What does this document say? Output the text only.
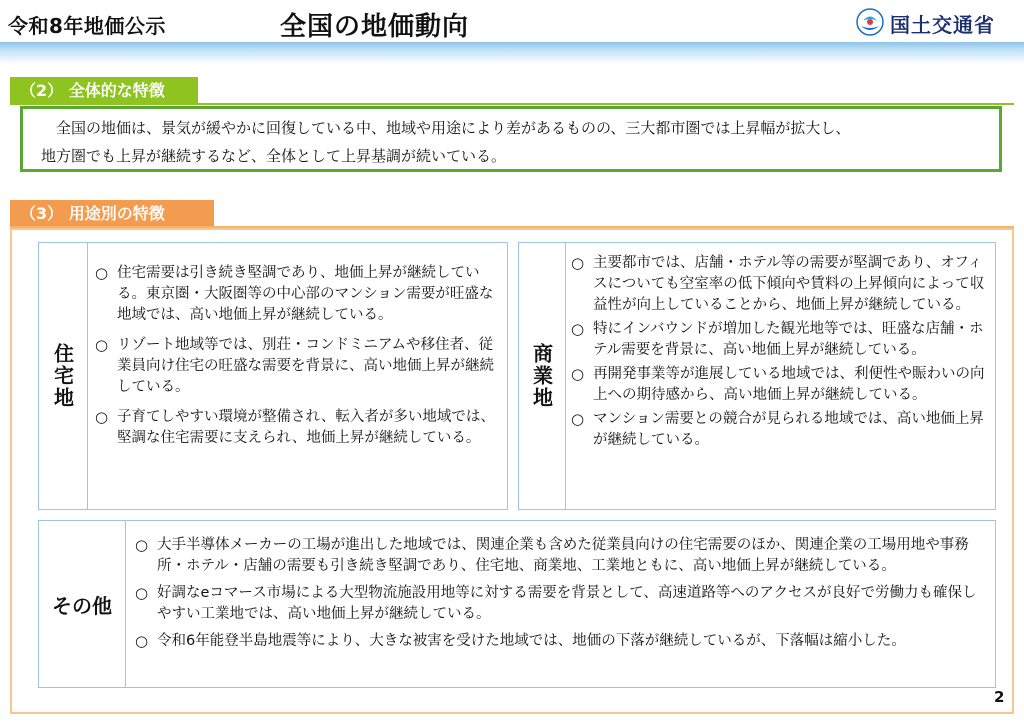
令和8年地価公示	全国の地価動向	国土交通省
（2） 全体的な特徴
全国の地価は、景気が緩やかに回復している中、地域や用途により差があるものの、三大都市圏では上昇幅が拡大し、
地方圏でも上昇が継続するなど、全体として上昇基調が続いている。
（3） 用途別の特徴
住宅地
○ 住宅需要は引き続き堅調であり、地価上昇が継続している。東京圏・大阪圏等の中心部のマンション需要が旺盛な地域では、高い地価上昇が継続している。
○ リゾート地域等では、別荘・コンドミニアムや移住者、従業員向け住宅の旺盛な需要を背景に、高い地価上昇が継続している。
○ 子育てしやすい環境が整備され、転入者が多い地域では、堅調な住宅需要に支えられ、地価上昇が継続している。
商業地
○ 主要都市では、店舗・ホテル等の需要が堅調であり、オフィスについても空室率の低下傾向や賃料の上昇傾向によって収益性が向上していることから、地価上昇が継続している。
○ 特にインバウンドが増加した観光地等では、旺盛な店舗・ホテル需要を背景に、高い地価上昇が継続している。
○ 再開発事業等が進展している地域では、利便性や賑わいの向上への期待感から、高い地価上昇が継続している。
○ マンション需要との競合が見られる地域では、高い地価上昇が継続している。
その他
○ 大手半導体メーカーの工場が進出した地域では、関連企業も含めた従業員向けの住宅需要のほか、関連企業の工場用地や事務所・ホテル・店舗の需要も引き続き堅調であり、住宅地、商業地、工業地ともに、高い地価上昇が継続している。
○ 好調なeコマース市場による大型物流施設用地等に対する需要を背景として、高速道路等へのアクセスが良好で労働力も確保しやすい工業地では、高い地価上昇が継続している。
○ 令和6年能登半島地震等により、大きな被害を受けた地域では、地価の下落が継続しているが、下落幅は縮小した。
2
